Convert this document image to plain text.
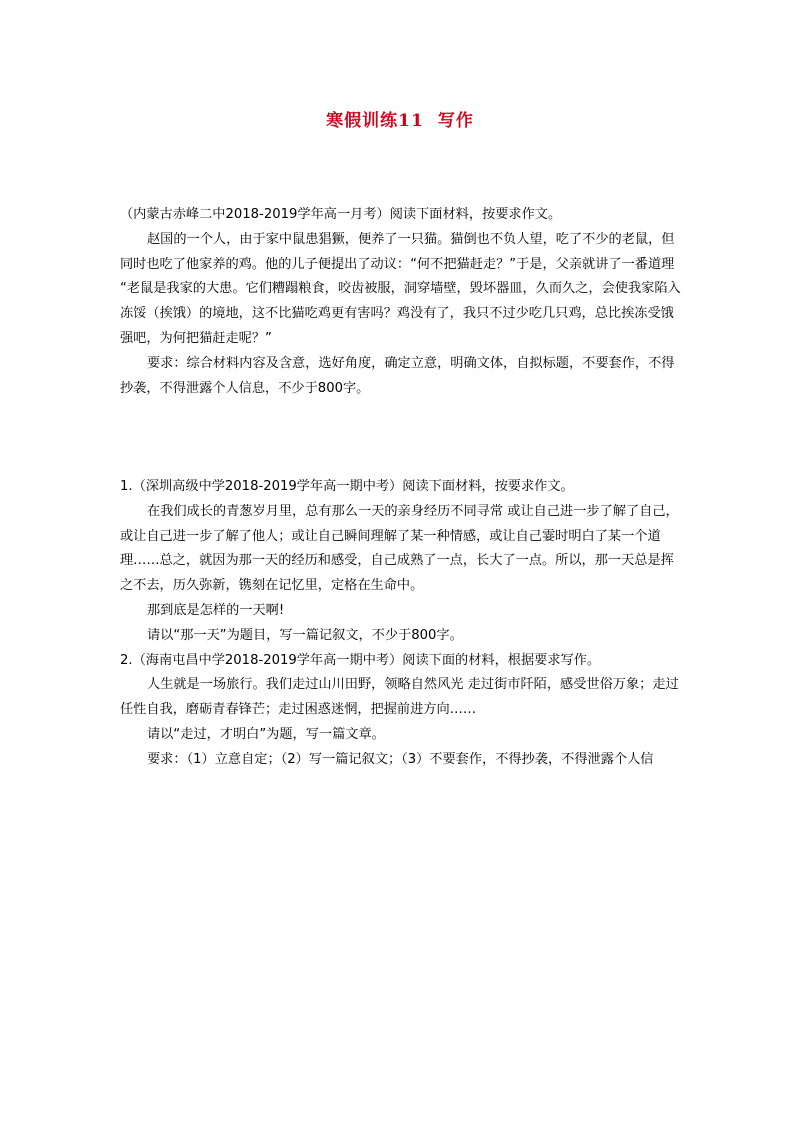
寒假训练11 写作

（内蒙古赤峰二中2018-2019学年高一月考）阅读下面材料，按要求作文。

赵国的一个人，由于家中鼠患猖獗，便养了一只猫。猫倒也不负人望，吃了不少的老鼠，但同时也吃了他家养的鸡。他的儿子便提出了动议：“何不把猫赶走？”于是，父亲就讲了一番道理 “老鼠是我家的大患。它们糟蹋粮食，咬齿被服，洞穿墙壁，毁坏器皿，久而久之，会使我家陷入冻馁（挨饿）的境地，这不比猫吃鸡更有害吗？鸡没有了，我只不过少吃几只鸡，总比挨冻受饿强吧，为何把猫赶走呢？”

要求：综合材料内容及含意，选好角度，确定立意，明确文体，自拟标题，不要套作，不得抄袭，不得泄露个人信息，不少于800字。

1.（深圳高级中学2018-2019学年高一期中考）阅读下面材料，按要求作文。

在我们成长的青葱岁月里，总有那么一天的亲身经历不同寻常 或让自己进一步了解了自己，或让自己进一步了解了他人；或让自己瞬间理解了某一种情感，或让自己霎时明白了某一个道理……总之，就因为那一天的经历和感受，自己成熟了一点，长大了一点。所以，那一天总是挥之不去，历久弥新，镌刻在记忆里，定格在生命中。

那到底是怎样的一天啊!

请以“那一天”为题目，写一篇记叙文，不少于800字。

2.（海南屯昌中学2018-2019学年高一期中考）阅读下面的材料，根据要求写作。

人生就是一场旅行。我们走过山川田野，领略自然风光 走过街市阡陌，感受世俗万象；走过任性自我，磨砺青春锋芒；走过困惑迷惘，把握前进方向……

请以“走过，才明白”为题，写一篇文章。

要求：（1）立意自定；（2）写一篇记叙文；（3）不要套作，不得抄袭，不得泄露个人信
